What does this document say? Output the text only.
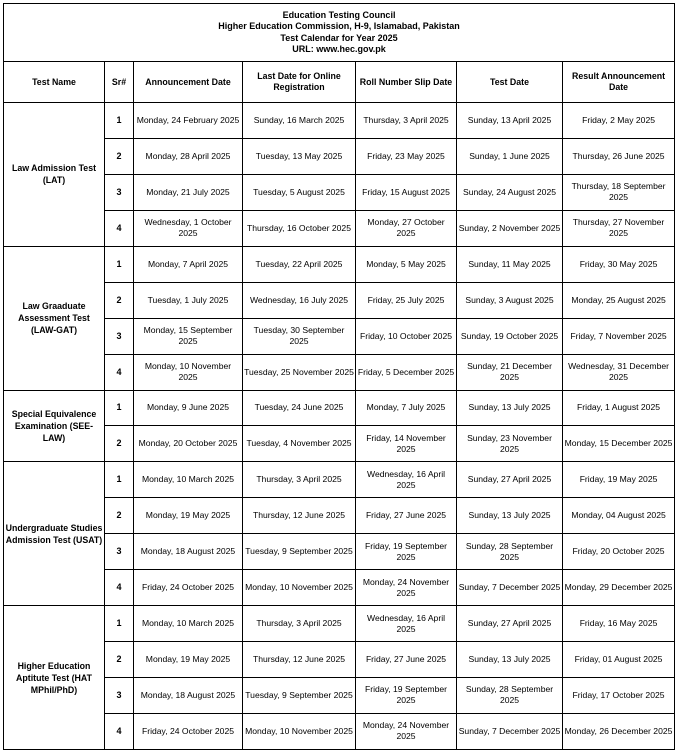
Education Testing Council
Higher Education Commission, H-9, Islamabad, Pakistan
Test Calendar for Year 2025
URL: www.hec.gov.pk						

Test Name	Sr#	Announcement Date	Last Date for Online Registration	Roll Number Slip Date	Test Date	Result Announcement Date
Law Admission Test (LAT)	1	Monday, 24 February 2025	Sunday, 16 March 2025	Thursday, 3 April 2025	Sunday, 13 April 2025	Friday, 2 May 2025
	2	Monday, 28 April 2025	Tuesday, 13 May 2025	Friday, 23 May 2025	Sunday, 1 June 2025	Thursday, 26 June 2025
	3	Monday, 21 July 2025	Tuesday, 5 August 2025	Friday, 15 August 2025	Sunday, 24 August 2025	Thursday, 18 September 2025
	4	Wednesday, 1 October 2025	Thursday, 16 October 2025	Monday, 27 October 2025	Sunday, 2 November 2025	Thursday, 27 November 2025
Law Graaduate Assessment Test (LAW-GAT)	1	Monday, 7 April 2025	Tuesday, 22 April 2025	Monday, 5 May 2025	Sunday, 11 May 2025	Friday, 30 May 2025
	2	Tuesday, 1 July 2025	Wednesday, 16 July 2025	Friday, 25 July 2025	Sunday, 3 August 2025	Monday, 25 August 2025
	3	Monday, 15 September 2025	Tuesday, 30 September 2025	Friday, 10 October 2025	Sunday, 19 October 2025	Friday, 7 November 2025
	4	Monday, 10 November 2025	Tuesday, 25 November 2025	Friday, 5 December 2025	Sunday, 21 December 2025	Wednesday, 31 December 2025
Special Equivalence Examination (SEE-LAW)	1	Monday, 9 June 2025	Tuesday, 24 June 2025	Monday, 7 July 2025	Sunday, 13 July 2025	Friday, 1 August 2025
	2	Monday, 20 October 2025	Tuesday, 4 November 2025	Friday, 14 November 2025	Sunday, 23 November 2025	Monday, 15 December 2025
Undergraduate Studies Admission Test (USAT)	1	Monday, 10 March 2025	Thursday, 3 April 2025	Wednesday, 16 April 2025	Sunday, 27 April 2025	Friday, 19 May 2025
	2	Monday, 19 May 2025	Thursday, 12 June 2025	Friday, 27 June 2025	Sunday, 13 July 2025	Monday, 04 August 2025
	3	Monday, 18 August 2025	Tuesday, 9 September 2025	Friday, 19 September 2025	Sunday, 28 September 2025	Friday, 20 October 2025
	4	Friday, 24 October 2025	Monday, 10 November 2025	Monday, 24 November 2025	Sunday, 7 December 2025	Monday, 29 December 2025
Higher Education Aptitute Test (HAT MPhil/PhD)	1	Monday, 10 March 2025	Thursday, 3 April 2025	Wednesday, 16 April 2025	Sunday, 27 April 2025	Friday, 16 May 2025
	2	Monday, 19 May 2025	Thursday, 12 June 2025	Friday, 27 June 2025	Sunday, 13 July 2025	Friday, 01 August 2025
	3	Monday, 18 August 2025	Tuesday, 9 September 2025	Friday, 19 September 2025	Sunday, 28 September 2025	Friday, 17 October 2025
	4	Friday, 24 October 2025	Monday, 10 November 2025	Monday, 24 November 2025	Sunday, 7 December 2025	Monday, 26 December 2025
